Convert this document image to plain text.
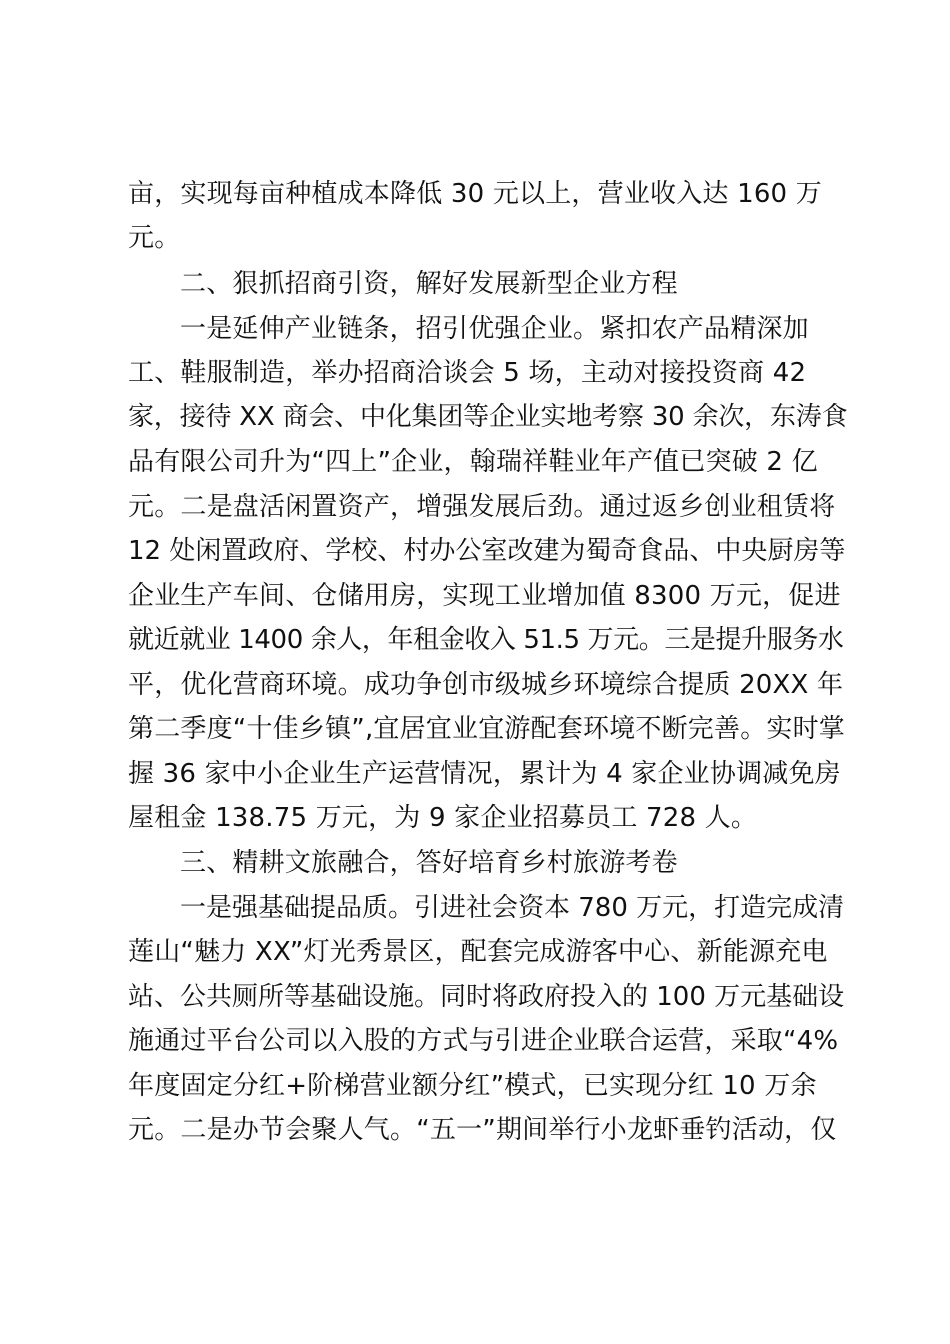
亩，实现每亩种植成本降低 30 元以上，营业收入达 160 万
元。
二、狠抓招商引资，解好发展新型企业方程
一是延伸产业链条，招引优强企业。紧扣农产品精深加
工、鞋服制造，举办招商洽谈会 5 场，主动对接投资商 42
家，接待 XX 商会、中化集团等企业实地考察 30 余次，东涛食
品有限公司升为“四上”企业，翰瑞祥鞋业年产值已突破 2 亿
元。二是盘活闲置资产，增强发展后劲。通过返乡创业租赁将
12 处闲置政府、学校、村办公室改建为蜀奇食品、中央厨房等
企业生产车间、仓储用房，实现工业增加值 8300 万元，促进
就近就业 1400 余人，年租金收入 51.5 万元。三是提升服务水
平，优化营商环境。成功争创市级城乡环境综合提质 20XX 年
第二季度“十佳乡镇”,宜居宜业宜游配套环境不断完善。实时掌
握 36 家中小企业生产运营情况，累计为 4 家企业协调减免房
屋租金 138.75 万元，为 9 家企业招募员工 728 人。
三、精耕文旅融合，答好培育乡村旅游考卷
一是强基础提品质。引进社会资本 780 万元，打造完成清
莲山“魅力 XX”灯光秀景区，配套完成游客中心、新能源充电
站、公共厕所等基础设施。同时将政府投入的 100 万元基础设
施通过平台公司以入股的方式与引进企业联合运营，采取“4%
年度固定分红+阶梯营业额分红”模式，已实现分红 10 万余
元。二是办节会聚人气。“五一”期间举行小龙虾垂钓活动，仅
